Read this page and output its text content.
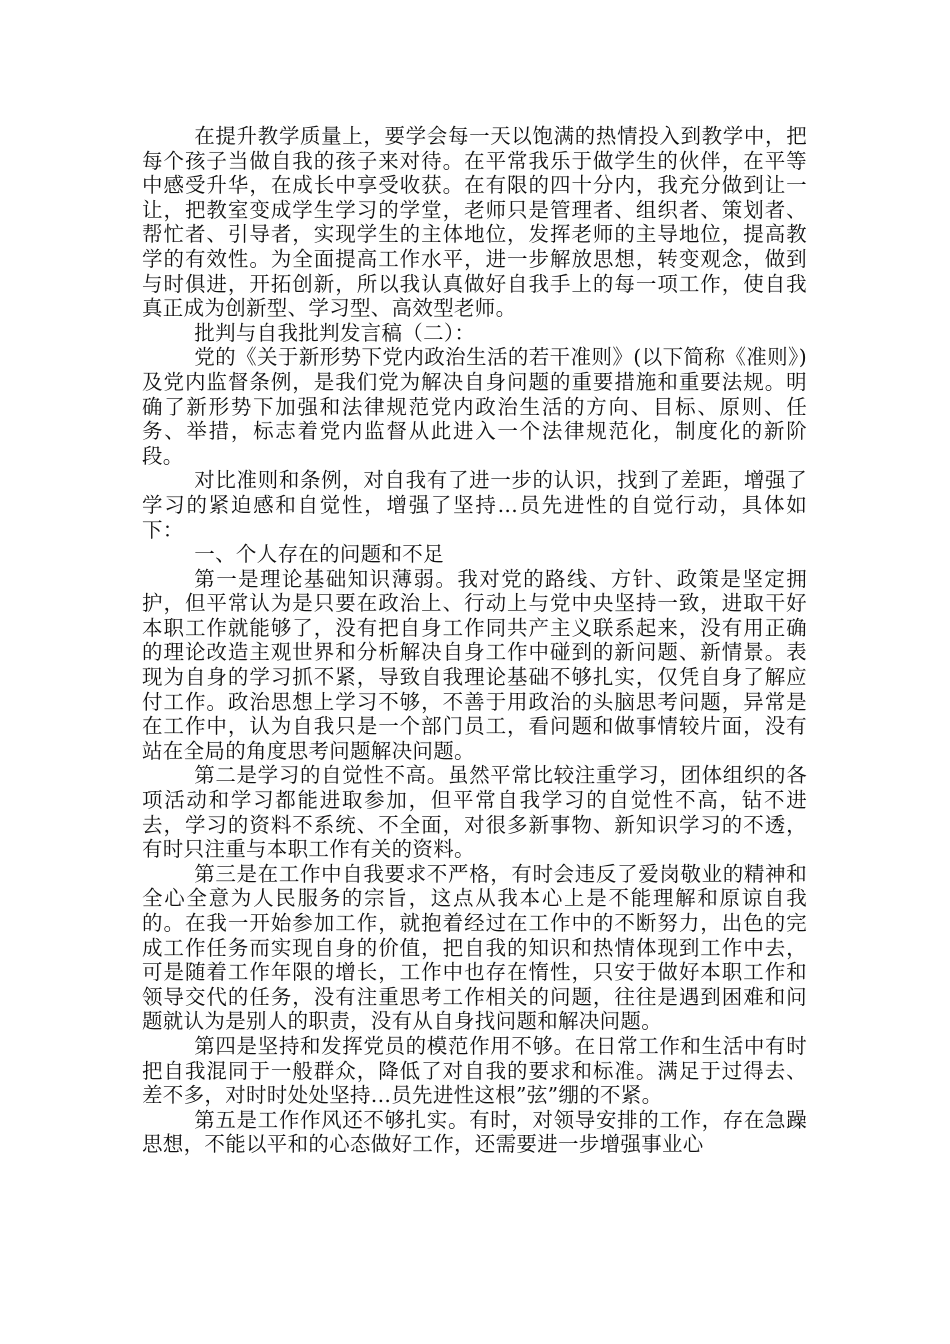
在提升教学质量上，要学会每一天以饱满的热情投入到教学中，把每个孩子当做自我的孩子来对待。在平常我乐于做学生的伙伴，在平等中感受升华，在成长中享受收获。在有限的四十分内，我充分做到让一让，把教室变成学生学习的学堂，老师只是管理者、组织者、策划者、帮忙者、引导者，实现学生的主体地位，发挥老师的主导地位，提高教学的有效性。为全面提高工作水平，进一步解放思想，转变观念，做到与时俱进，开拓创新，所以我认真做好自我手上的每一项工作，使自我真正成为创新型、学习型、高效型老师。

批判与自我批判发言稿（二）：

党的《关于新形势下党内政治生活的若干准则》(以下简称《准则》)及党内监督条例，是我们党为解决自身问题的重要措施和重要法规。明确了新形势下加强和法律规范党内政治生活的方向、目标、原则、任务、举措，标志着党内监督从此进入一个法律规范化，制度化的新阶段。

对比准则和条例，对自我有了进一步的认识，找到了差距，增强了学习的紧迫感和自觉性，增强了坚持...员先进性的自觉行动，具体如下：

一、个人存在的问题和不足

第一是理论基础知识薄弱。我对党的路线、方针、政策是坚定拥护，但平常认为是只要在政治上、行动上与党中央坚持一致，进取干好本职工作就能够了，没有把自身工作同共产主义联系起来，没有用正确的理论改造主观世界和分析解决自身工作中碰到的新问题、新情景。表现为自身的学习抓不紧，导致自我理论基础不够扎实，仅凭自身了解应付工作。政治思想上学习不够，不善于用政治的头脑思考问题，异常是在工作中，认为自我只是一个部门员工，看问题和做事情较片面，没有站在全局的角度思考问题解决问题。

第二是学习的自觉性不高。虽然平常比较注重学习，团体组织的各项活动和学习都能进取参加，但平常自我学习的自觉性不高，钻不进去，学习的资料不系统、不全面，对很多新事物、新知识学习的不透，有时只注重与本职工作有关的资料。

第三是在工作中自我要求不严格，有时会违反了爱岗敬业的精神和全心全意为人民服务的宗旨，这点从我本心上是不能理解和原谅自我的。在我一开始参加工作，就抱着经过在工作中的不断努力，出色的完成工作任务而实现自身的价值，把自我的知识和热情体现到工作中去，可是随着工作年限的增长，工作中也存在惰性，只安于做好本职工作和领导交代的任务，没有注重思考工作相关的问题，往往是遇到困难和问题就认为是别人的职责，没有从自身找问题和解决问题。

第四是坚持和发挥党员的模范作用不够。在日常工作和生活中有时把自我混同于一般群众，降低了对自我的要求和标准。满足于过得去、差不多，对时时处处坚持...员先进性这根”弦”绷的不紧。

第五是工作作风还不够扎实。有时，对领导安排的工作，存在急躁思想，不能以平和的心态做好工作，还需要进一步增强事业心
